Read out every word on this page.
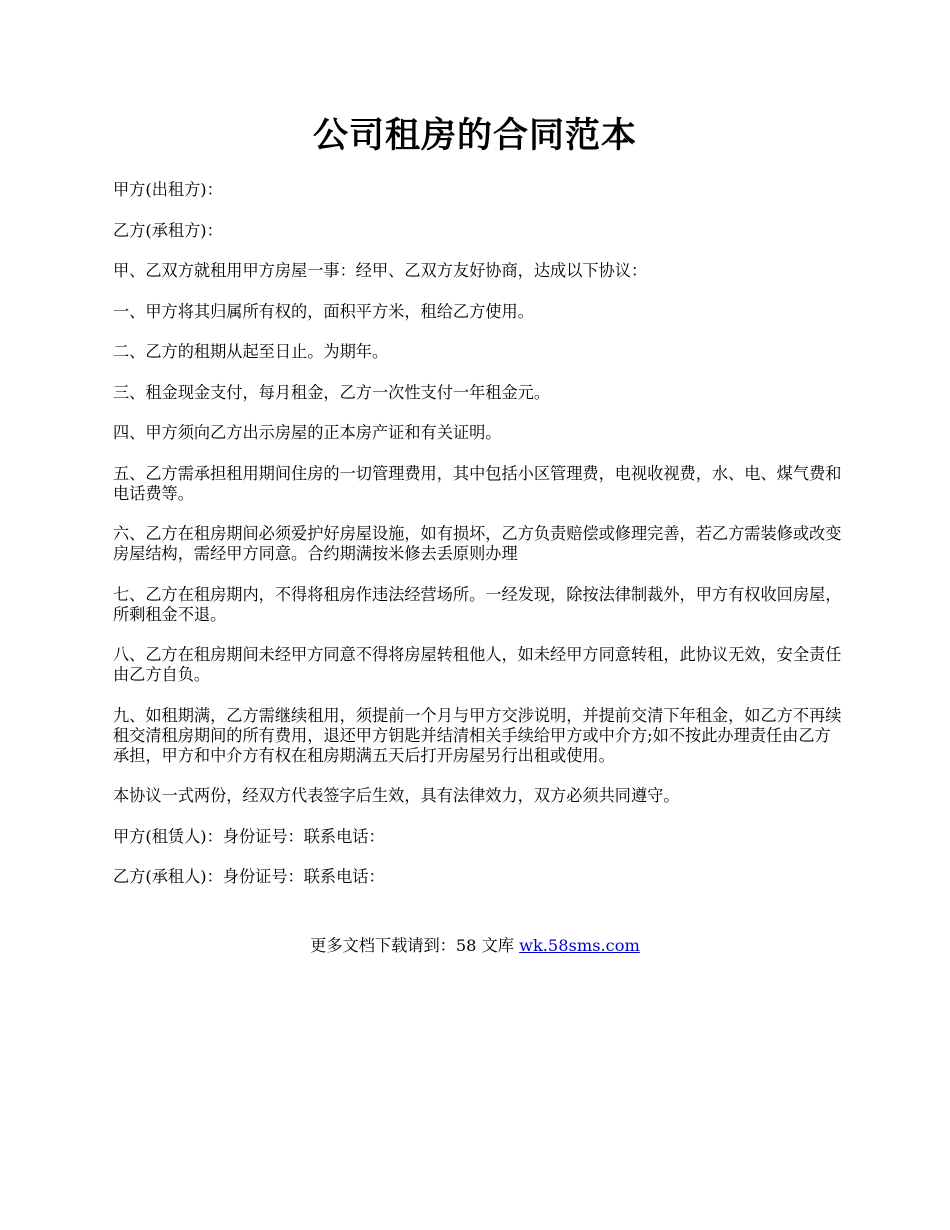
公司租房的合同范本

甲方(出租方)：

乙方(承租方)：

甲、乙双方就租用甲方房屋一事：经甲、乙双方友好协商，达成以下协议：

一、甲方将其归属所有权的，面积平方米，租给乙方使用。

二、乙方的租期从起至日止。为期年。

三、租金现金支付，每月租金，乙方一次性支付一年租金元。

四、甲方须向乙方出示房屋的正本房产证和有关证明。

五、乙方需承担租用期间住房的一切管理费用，其中包括小区管理费，电视收视费，水、电、煤气费和电话费等。

六、乙方在租房期间必须爱护好房屋设施，如有损坏，乙方负责赔偿或修理完善，若乙方需装修或改变房屋结构，需经甲方同意。合约期满按米修去丢原则办理

七、乙方在租房期内，不得将租房作违法经营场所。一经发现，除按法律制裁外，甲方有权收回房屋，所剩租金不退。

八、乙方在租房期间未经甲方同意不得将房屋转租他人，如未经甲方同意转租，此协议无效，安全责任由乙方自负。

九、如租期满，乙方需继续租用，须提前一个月与甲方交涉说明，并提前交清下年租金，如乙方不再续租交清租房期间的所有费用，退还甲方钥匙并结清相关手续给甲方或中介方;如不按此办理责任由乙方承担，甲方和中介方有权在租房期满五天后打开房屋另行出租或使用。

本协议一式两份，经双方代表签字后生效，具有法律效力，双方必须共同遵守。

甲方(租赁人)：身份证号：联系电话：

乙方(承租人)：身份证号：联系电话：

更多文档下载请到：58 文库 wk.58sms.com
